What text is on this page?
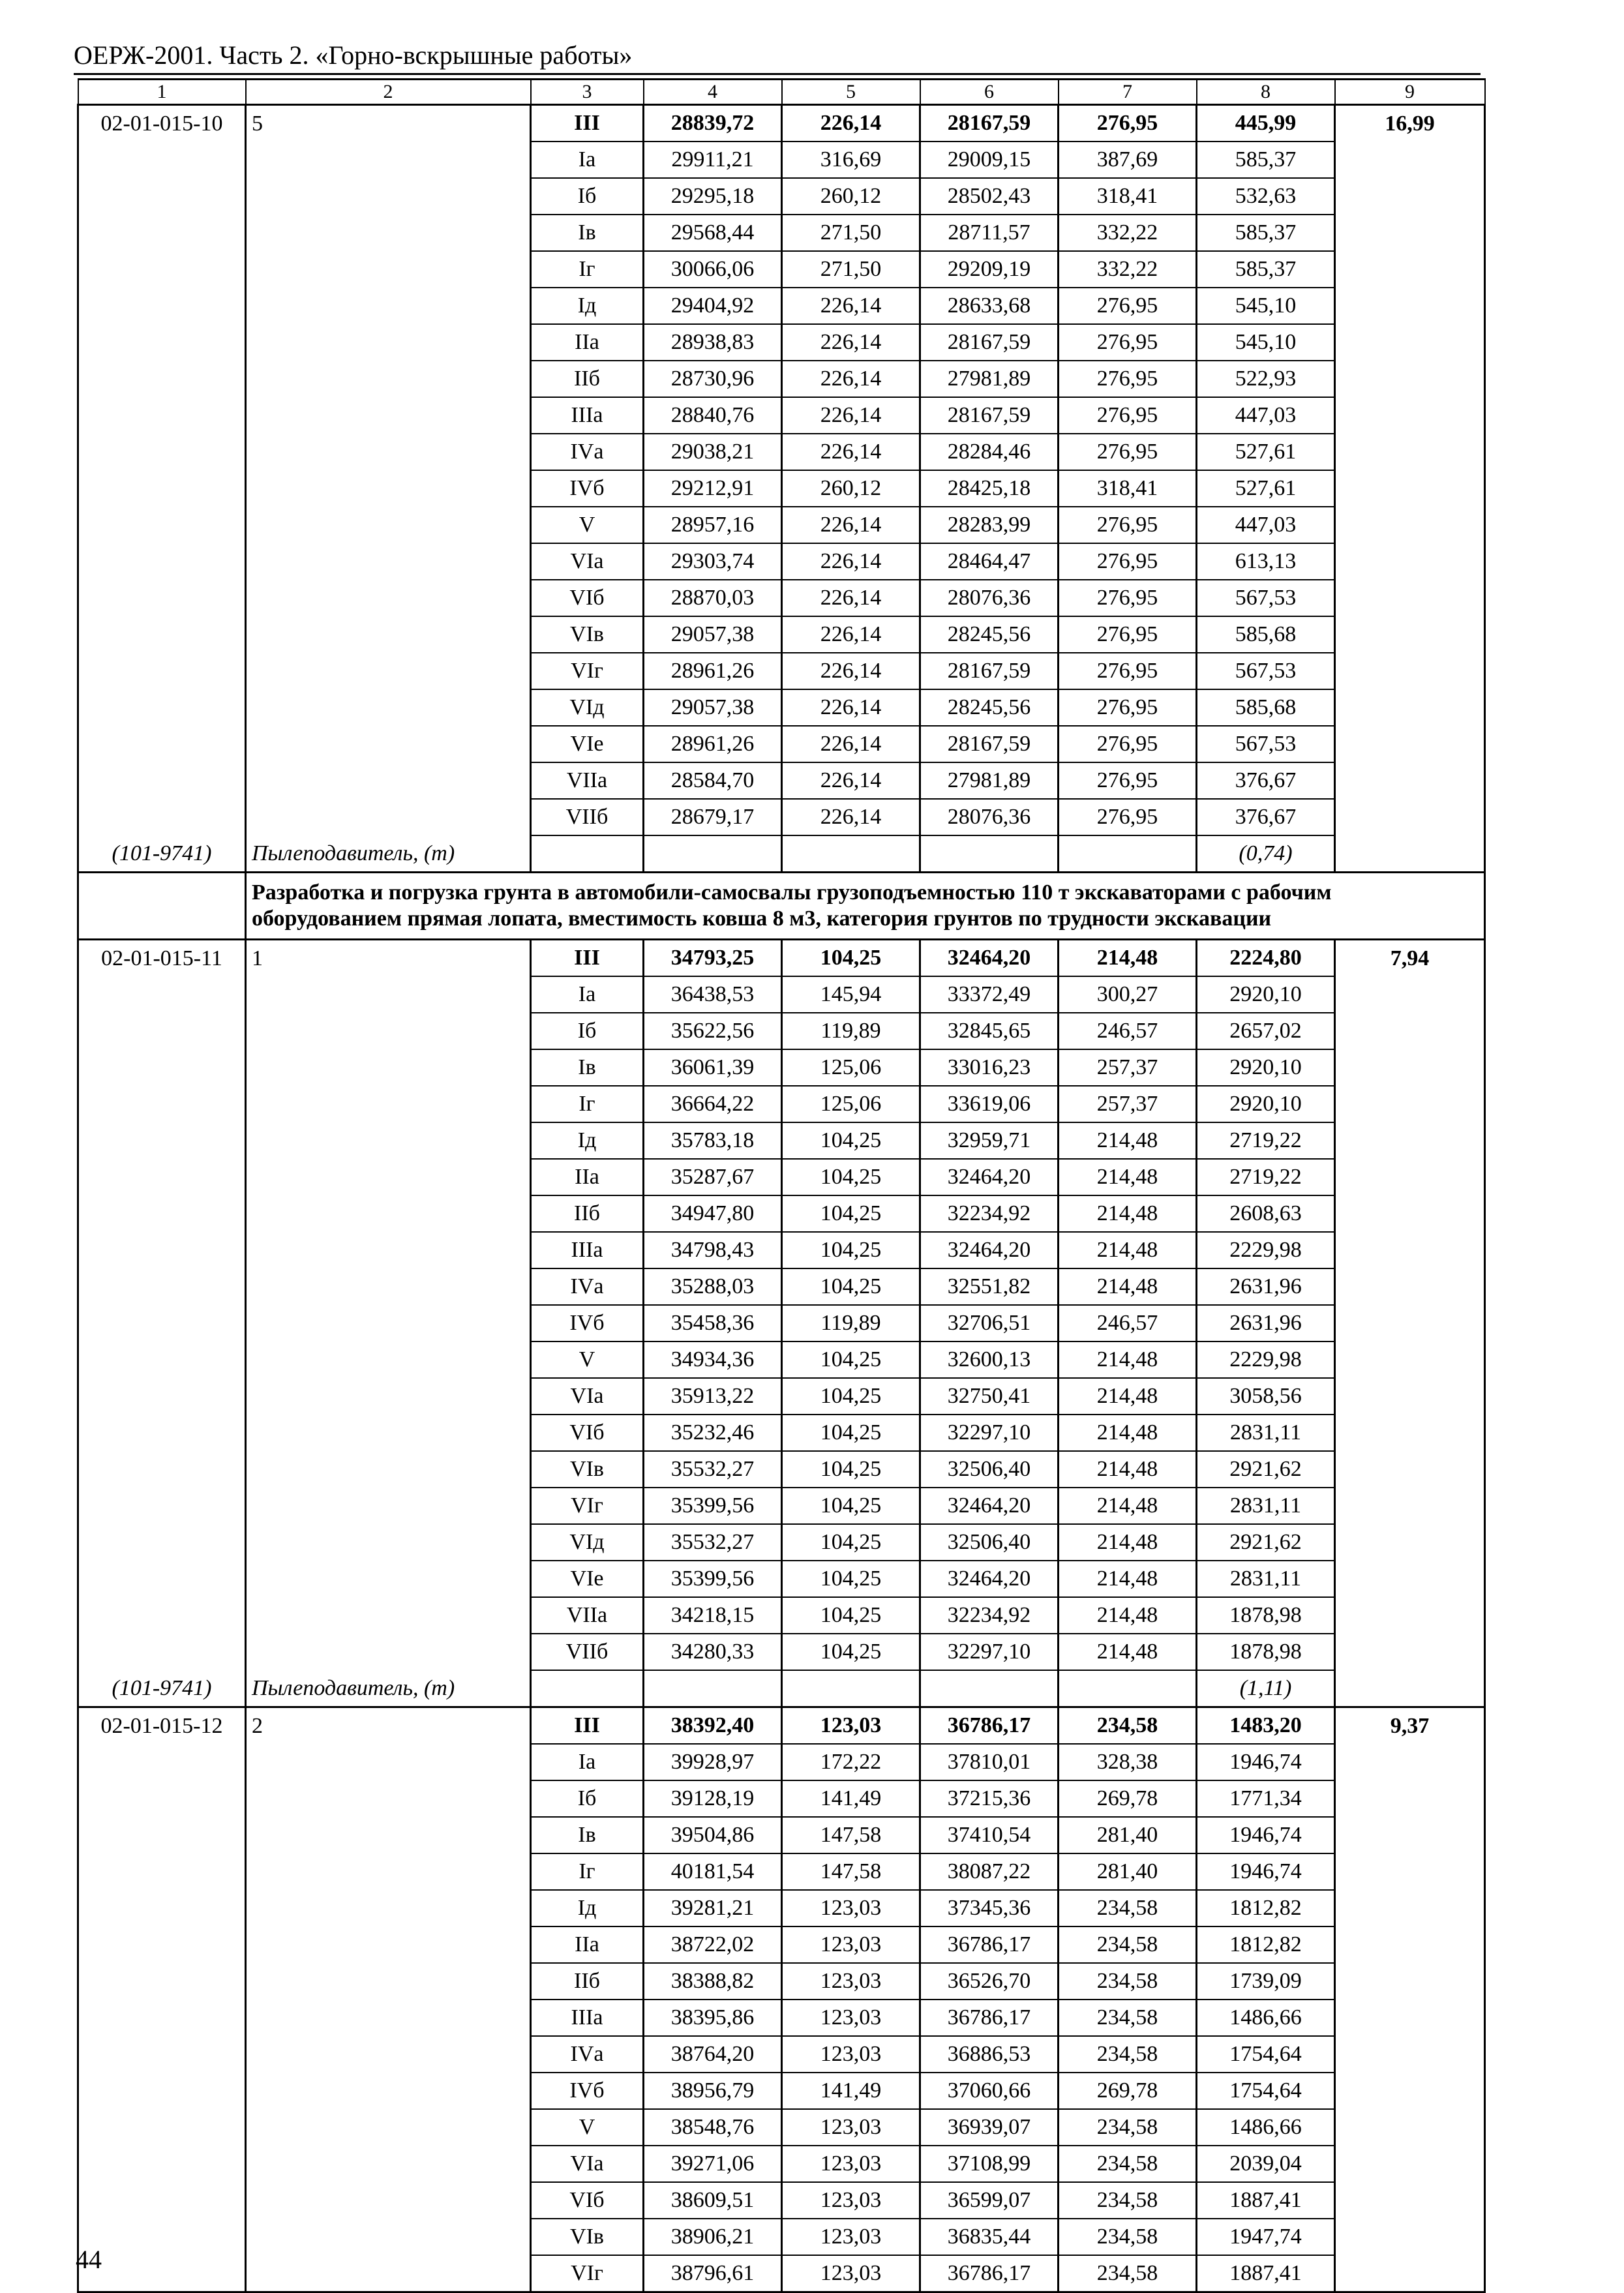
ОЕРЖ-2001. Часть 2. «Горно-вскрышные работы»
1	2	3	4	5	6	7	8	9
02-01-015-10	5	III	28839,72	226,14	28167,59	276,95	445,99	16,99
		Iа	29911,21	316,69	29009,15	387,69	585,37	
		Iб	29295,18	260,12	28502,43	318,41	532,63	
		Iв	29568,44	271,50	28711,57	332,22	585,37	
		Iг	30066,06	271,50	29209,19	332,22	585,37	
		Iд	29404,92	226,14	28633,68	276,95	545,10	
		IIа	28938,83	226,14	28167,59	276,95	545,10	
		IIб	28730,96	226,14	27981,89	276,95	522,93	
		IIIа	28840,76	226,14	28167,59	276,95	447,03	
		IVа	29038,21	226,14	28284,46	276,95	527,61	
		IVб	29212,91	260,12	28425,18	318,41	527,61	
		V	28957,16	226,14	28283,99	276,95	447,03	
		VIа	29303,74	226,14	28464,47	276,95	613,13	
		VIб	28870,03	226,14	28076,36	276,95	567,53	
		VIв	29057,38	226,14	28245,56	276,95	585,68	
		VIг	28961,26	226,14	28167,59	276,95	567,53	
		VIд	29057,38	226,14	28245,56	276,95	585,68	
		VIе	28961,26	226,14	28167,59	276,95	567,53	
		VIIа	28584,70	226,14	27981,89	276,95	376,67	
		VIIб	28679,17	226,14	28076,36	276,95	376,67	
(101-9741)	Пылеподавитель, (т)						(0,74)	
	Разработка и погрузка грунта в автомобили-самосвалы грузоподъемностью 110 т экскаваторами с рабочим оборудованием прямая лопата, вместимость ковша 8 м3, категория грунтов по трудности экскавации							
02-01-015-11	1	III	34793,25	104,25	32464,20	214,48	2224,80	7,94
		Iа	36438,53	145,94	33372,49	300,27	2920,10	
		Iб	35622,56	119,89	32845,65	246,57	2657,02	
		Iв	36061,39	125,06	33016,23	257,37	2920,10	
		Iг	36664,22	125,06	33619,06	257,37	2920,10	
		Iд	35783,18	104,25	32959,71	214,48	2719,22	
		IIа	35287,67	104,25	32464,20	214,48	2719,22	
		IIб	34947,80	104,25	32234,92	214,48	2608,63	
		IIIа	34798,43	104,25	32464,20	214,48	2229,98	
		IVа	35288,03	104,25	32551,82	214,48	2631,96	
		IVб	35458,36	119,89	32706,51	246,57	2631,96	
		V	34934,36	104,25	32600,13	214,48	2229,98	
		VIа	35913,22	104,25	32750,41	214,48	3058,56	
		VIб	35232,46	104,25	32297,10	214,48	2831,11	
		VIв	35532,27	104,25	32506,40	214,48	2921,62	
		VIг	35399,56	104,25	32464,20	214,48	2831,11	
		VIд	35532,27	104,25	32506,40	214,48	2921,62	
		VIе	35399,56	104,25	32464,20	214,48	2831,11	
		VIIа	34218,15	104,25	32234,92	214,48	1878,98	
		VIIб	34280,33	104,25	32297,10	214,48	1878,98	
(101-9741)	Пылеподавитель, (т)						(1,11)	
02-01-015-12	2	III	38392,40	123,03	36786,17	234,58	1483,20	9,37
		Iа	39928,97	172,22	37810,01	328,38	1946,74	
		Iб	39128,19	141,49	37215,36	269,78	1771,34	
		Iв	39504,86	147,58	37410,54	281,40	1946,74	
		Iг	40181,54	147,58	38087,22	281,40	1946,74	
		Iд	39281,21	123,03	37345,36	234,58	1812,82	
		IIа	38722,02	123,03	36786,17	234,58	1812,82	
		IIб	38388,82	123,03	36526,70	234,58	1739,09	
		IIIа	38395,86	123,03	36786,17	234,58	1486,66	
		IVа	38764,20	123,03	36886,53	234,58	1754,64	
		IVб	38956,79	141,49	37060,66	269,78	1754,64	
		V	38548,76	123,03	36939,07	234,58	1486,66	
		VIа	39271,06	123,03	37108,99	234,58	2039,04	
		VIб	38609,51	123,03	36599,07	234,58	1887,41	
		VIв	38906,21	123,03	36835,44	234,58	1947,74	
		VIг	38796,61	123,03	36786,17	234,58	1887,41	
44
